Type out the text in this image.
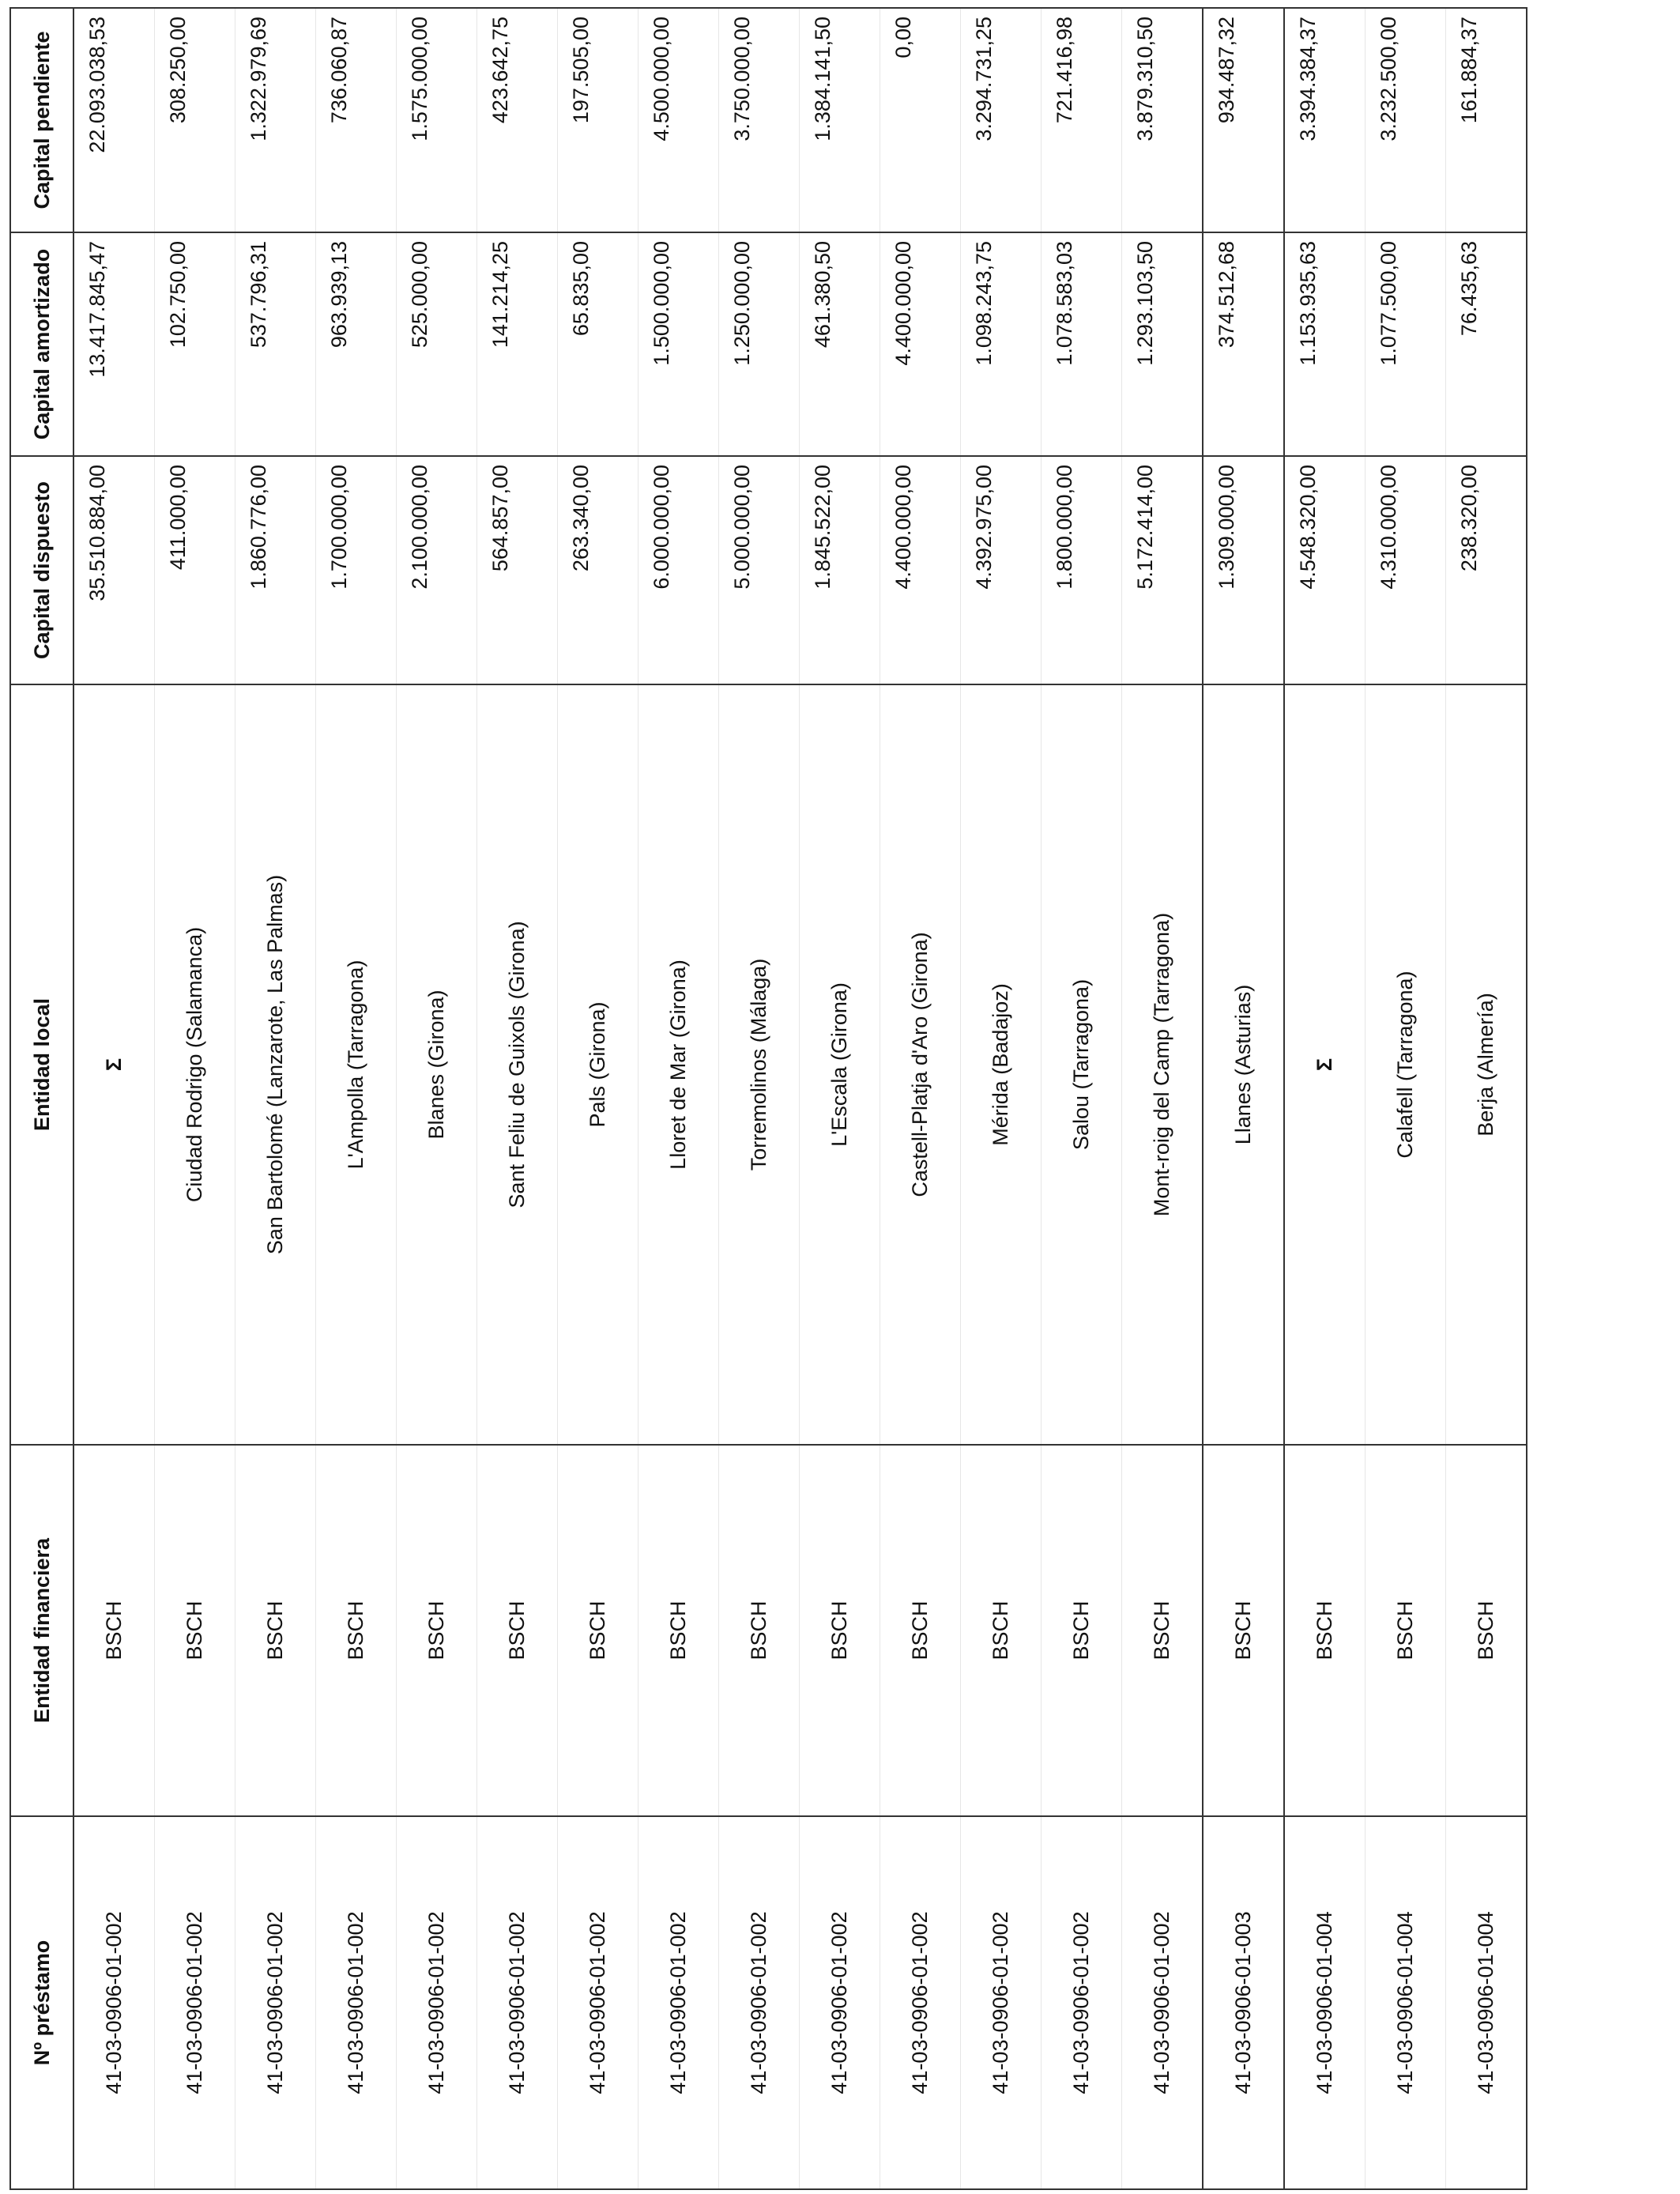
Nº préstamo	Entidad financiera	Entidad local	Capital dispuesto	Capital amortizado	Capital pendiente
41-03-0906-01-002	BSCH	Σ	35.510.884,00	13.417.845,47	22.093.038,53
41-03-0906-01-002	BSCH	Ciudad Rodrigo (Salamanca)	411.000,00	102.750,00	308.250,00
41-03-0906-01-002	BSCH	San Bartolomé (Lanzarote, Las Palmas)	1.860.776,00	537.796,31	1.322.979,69
41-03-0906-01-002	BSCH	L'Ampolla (Tarragona)	1.700.000,00	963.939,13	736.060,87
41-03-0906-01-002	BSCH	Blanes (Girona)	2.100.000,00	525.000,00	1.575.000,00
41-03-0906-01-002	BSCH	Sant Feliu de Guixols (Girona)	564.857,00	141.214,25	423.642,75
41-03-0906-01-002	BSCH	Pals (Girona)	263.340,00	65.835,00	197.505,00
41-03-0906-01-002	BSCH	Lloret de Mar (Girona)	6.000.000,00	1.500.000,00	4.500.000,00
41-03-0906-01-002	BSCH	Torremolinos (Málaga)	5.000.000,00	1.250.000,00	3.750.000,00
41-03-0906-01-002	BSCH	L'Escala (Girona)	1.845.522,00	461.380,50	1.384.141,50
41-03-0906-01-002	BSCH	Castell-Platja d'Aro (Girona)	4.400.000,00	4.400.000,00	0,00
41-03-0906-01-002	BSCH	Mérida (Badajoz)	4.392.975,00	1.098.243,75	3.294.731,25
41-03-0906-01-002	BSCH	Salou (Tarragona)	1.800.000,00	1.078.583,03	721.416,98
41-03-0906-01-002	BSCH	Mont-roig del Camp (Tarragona)	5.172.414,00	1.293.103,50	3.879.310,50
41-03-0906-01-003	BSCH	Llanes (Asturias)	1.309.000,00	374.512,68	934.487,32
41-03-0906-01-004	BSCH	Σ	4.548.320,00	1.153.935,63	3.394.384,37
41-03-0906-01-004	BSCH	Calafell (Tarragona)	4.310.000,00	1.077.500,00	3.232.500,00
41-03-0906-01-004	BSCH	Berja (Almería)	238.320,00	76.435,63	161.884,37
